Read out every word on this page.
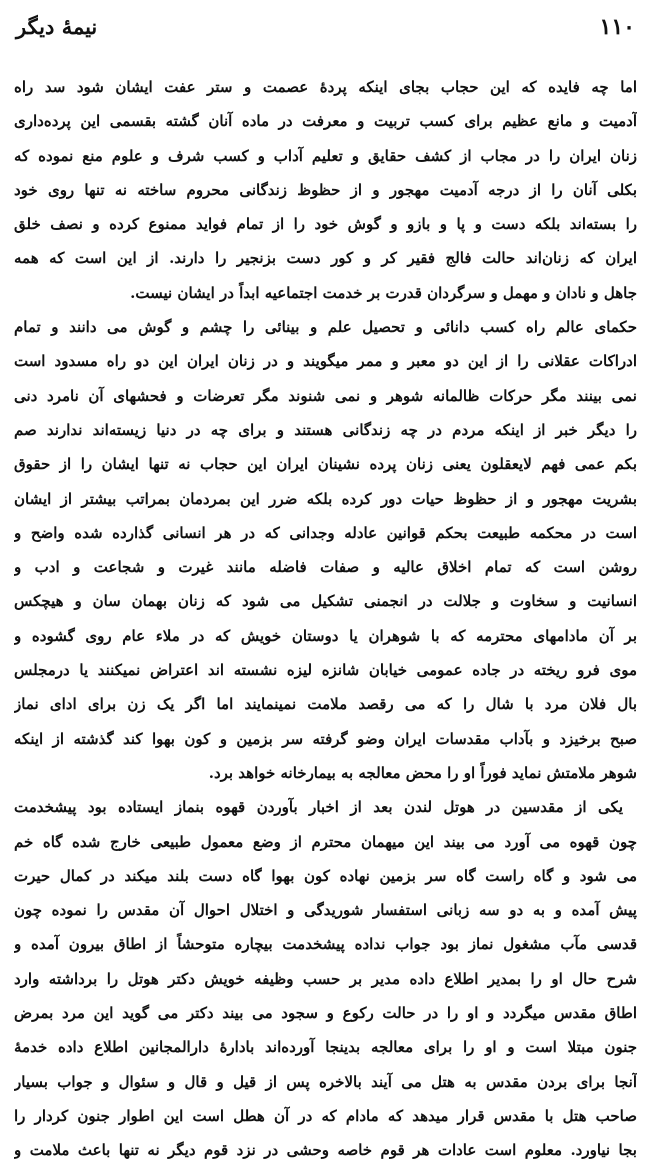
۱۱۰
نیمهٔ دیگر
اما چه فایده که این حجاب بجای اینکه پردهٔ عصمت و ستر عفت ایشان شود سد راه
آدمیت و مانع عظیم برای کسب تربیت و معرفت در ماده آنان گشته بقسمی این پرده‌داری
زنان ایران را در مجاب از کشف حقایق و تعلیم آداب و کسب شرف و علوم منع نموده که
بکلی آنان را از درجه آدمیت مهجور و از حظوظ زندگانی محروم ساخته نه تنها روی خود
را بسته‌اند بلکه دست و پا و بازو و گوش خود را از تمام فواید ممنوع کرده و نصف خلق
ایران که زنان‌اند حالت فالج فقیر کر و کور دست بزنجیر را دارند. از این است که همه
جاهل و نادان و مهمل و سرگردان قدرت بر خدمت اجتماعیه ابداً در ایشان نیست.
حکمای عالم راه کسب دانائی و تحصیل علم و بینائی را چشم و گوش می دانند و تمام
ادراکات عقلانی را از این دو معبر و ممر میگویند و در زنان ایران این دو راه مسدود است
نمی بینند مگر حرکات ظالمانه شوهر و نمی شنوند مگر تعرضات و فحشهای آن نامرد دنی
را دیگر خبر از اینکه مردم در چه زندگانی هستند و برای چه در دنیا زیسته‌اند ندارند صم
بکم عمی فهم لایعقلون یعنی زنان پرده نشینان ایران این حجاب نه تنها ایشان را از حقوق
بشریت مهجور و از حظوظ حیات دور کرده بلکه ضرر این بمردمان بمراتب بیشتر از ایشان
است در محکمه طبیعت بحکم قوانین عادله وجدانی که در هر انسانی گذارده شده واضح و
روشن است که تمام اخلاق عالیه و صفات فاضله مانند غیرت و شجاعت و ادب و
انسانیت و سخاوت و جلالت در انجمنی تشکیل می شود که زنان بهمان سان و هیچکس
بر آن مادامهای محترمه که با شوهران یا دوستان خویش که در ملاء عام روی گشوده و
موی فرو ریخته در جاده عمومی خیابان شانزه لیزه نشسته اند اعتراض نمیکنند یا درمجلس
بال فلان مرد با شال را که می رقصد ملامت نمینمایند اما اگر یک زن برای ادای نماز
صبح برخیزد و بآداب مقدسات ایران وضو گرفته سر بزمین و کون بهوا کند گذشته از اینکه
شوهر ملامتش نماید فوراً او را محض معالجه به بیمارخانه خواهد برد.
یکی از مقدسین در هوتل لندن بعد از اخبار بآوردن قهوه بنماز ایستاده بود پیشخدمت
چون قهوه می آورد می بیند این میهمان محترم از وضع معمول طبیعی خارج شده گاه خم
می شود و گاه راست گاه سر بزمین نهاده کون بهوا گاه دست بلند میکند در کمال حیرت
پیش آمده و به دو سه زبانی استفسار شوریدگی و اختلال احوال آن مقدس را نموده چون
قدسی مآب مشغول نماز بود جواب نداده پیشخدمت بیچاره متوحشاً از اطاق بیرون آمده و
شرح حال او را بمدیر اطلاع داده مدیر بر حسب وظیفه خویش دکتر هوتل را برداشته وارد
اطاق مقدس میگردد و او را در حالت رکوع و سجود می بیند دکتر می گوید این مرد بمرض
جنون مبتلا است و او را برای معالجه بدینجا آورده‌اند بادارهٔ دارالمجانین اطلاع داده خدمهٔ
آنجا برای بردن مقدس به هتل می آیند بالاخره پس از قیل و قال و سئوال و جواب بسیار
صاحب هتل با مقدس قرار میدهد که مادام که در آن هطل است این اطوار جنون کردار را
بجا نیاورد. معلوم است عادات هر قوم خاصه وحشی در نزد قوم دیگر نه تنها باعث ملامت و
